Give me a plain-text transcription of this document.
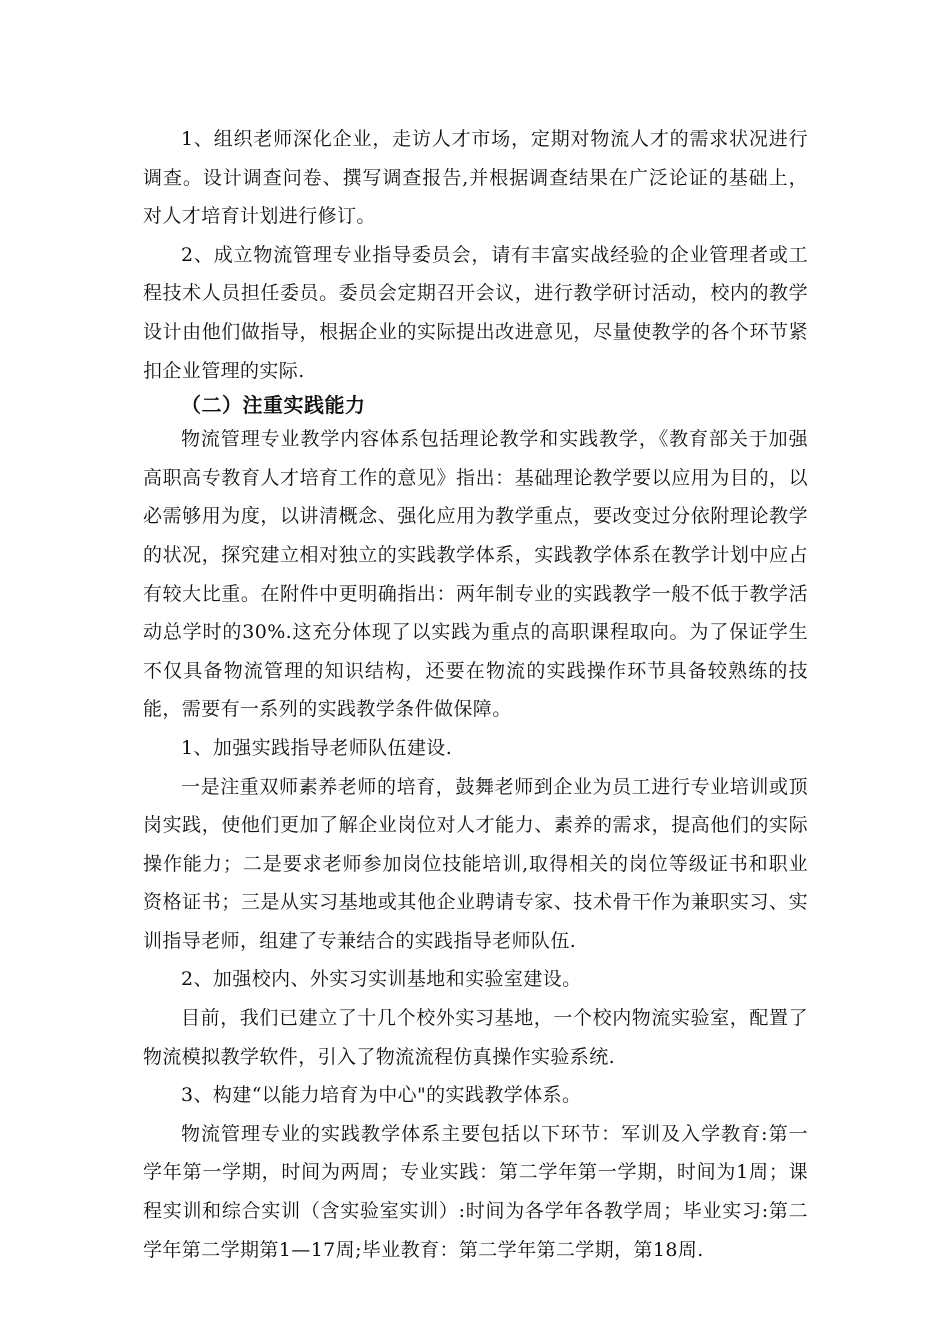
1、组织老师深化企业，走访人才市场，定期对物流人才的需求状况进行调查。设计调查问卷、撰写调查报告,并根据调查结果在广泛论证的基础上，对人才培育计划进行修订。

2、成立物流管理专业指导委员会，请有丰富实战经验的企业管理者或工程技术人员担任委员。委员会定期召开会议，进行教学研讨活动，校内的教学设计由他们做指导，根据企业的实际提出改进意见，尽量使教学的各个环节紧扣企业管理的实际.

（二）注重实践能力

物流管理专业教学内容体系包括理论教学和实践教学，《教育部关于加强高职高专教育人才培育工作的意见》指出：基础理论教学要以应用为目的，以必需够用为度，以讲清概念、强化应用为教学重点，要改变过分依附理论教学的状况，探究建立相对独立的实践教学体系，实践教学体系在教学计划中应占有较大比重。在附件中更明确指出：两年制专业的实践教学一般不低于教学活动总学时的30%.这充分体现了以实践为重点的高职课程取向。为了保证学生不仅具备物流管理的知识结构，还要在物流的实践操作环节具备较熟练的技能，需要有一系列的实践教学条件做保障。

1、加强实践指导老师队伍建设.

一是注重双师素养老师的培育，鼓舞老师到企业为员工进行专业培训或顶岗实践，使他们更加了解企业岗位对人才能力、素养的需求，提高他们的实际操作能力；二是要求老师参加岗位技能培训,取得相关的岗位等级证书和职业资格证书；三是从实习基地或其他企业聘请专家、技术骨干作为兼职实习、实训指导老师，组建了专兼结合的实践指导老师队伍.

2、加强校内、外实习实训基地和实验室建设。

目前，我们已建立了十几个校外实习基地，一个校内物流实验室，配置了物流模拟教学软件，引入了物流流程仿真操作实验系统.

3、构建“以能力培育为中心"的实践教学体系。

物流管理专业的实践教学体系主要包括以下环节：军训及入学教育:第一学年第一学期，时间为两周；专业实践：第二学年第一学期，时间为1周；课程实训和综合实训（含实验室实训）:时间为各学年各教学周；毕业实习:第二学年第二学期第1—17周;毕业教育：第二学年第二学期，第18周.
